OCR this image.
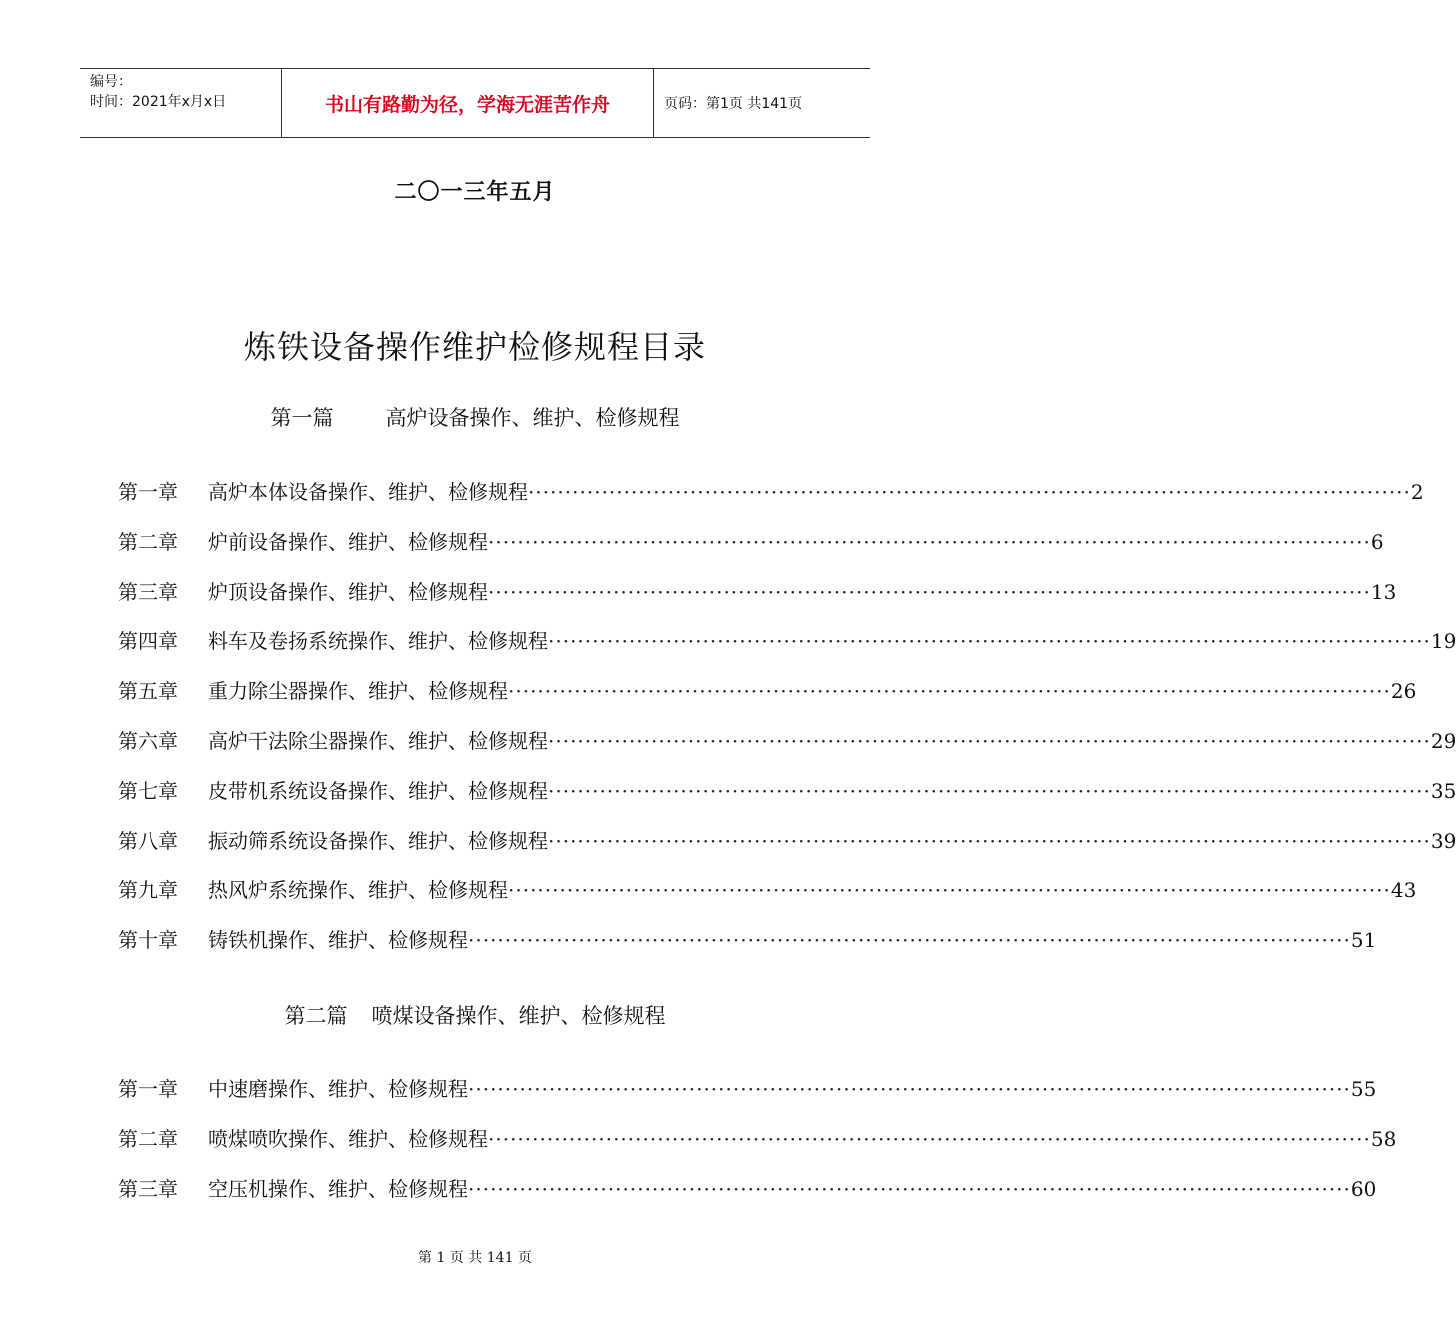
编号：
时间：2021年x月x日	书山有路勤为径，学海无涯苦作舟	页码：第1页 共141页
二〇一三年五月
炼铁设备操作维护检修规程目录
第一篇 高炉设备操作、维护、检修规程
第一章	高炉本体设备操作、维护、检修规程 ························································································································ 2
第二章	炉前设备操作、维护、检修规程 ························································································································ 6
第三章	炉顶设备操作、维护、检修规程 ························································································································ 13
第四章	料车及卷扬系统操作、维护、检修规程 ························································································································ 19
第五章	重力除尘器操作、维护、检修规程 ························································································································ 26
第六章	高炉干法除尘器操作、维护、检修规程 ························································································································ 29
第七章	皮带机系统设备操作、维护、检修规程 ························································································································ 35
第八章	振动筛系统设备操作、维护、检修规程 ························································································································ 39
第九章	热风炉系统操作、维护、检修规程 ························································································································ 43
第十章	铸铁机操作、维护、检修规程 ························································································································ 51
第二篇 喷煤设备操作、维护、检修规程
第一章	中速磨操作、维护、检修规程 ························································································································ 55
第二章	喷煤喷吹操作、维护、检修规程 ························································································································ 58
第三章	空压机操作、维护、检修规程 ························································································································ 60
第 1 页 共 141 页
